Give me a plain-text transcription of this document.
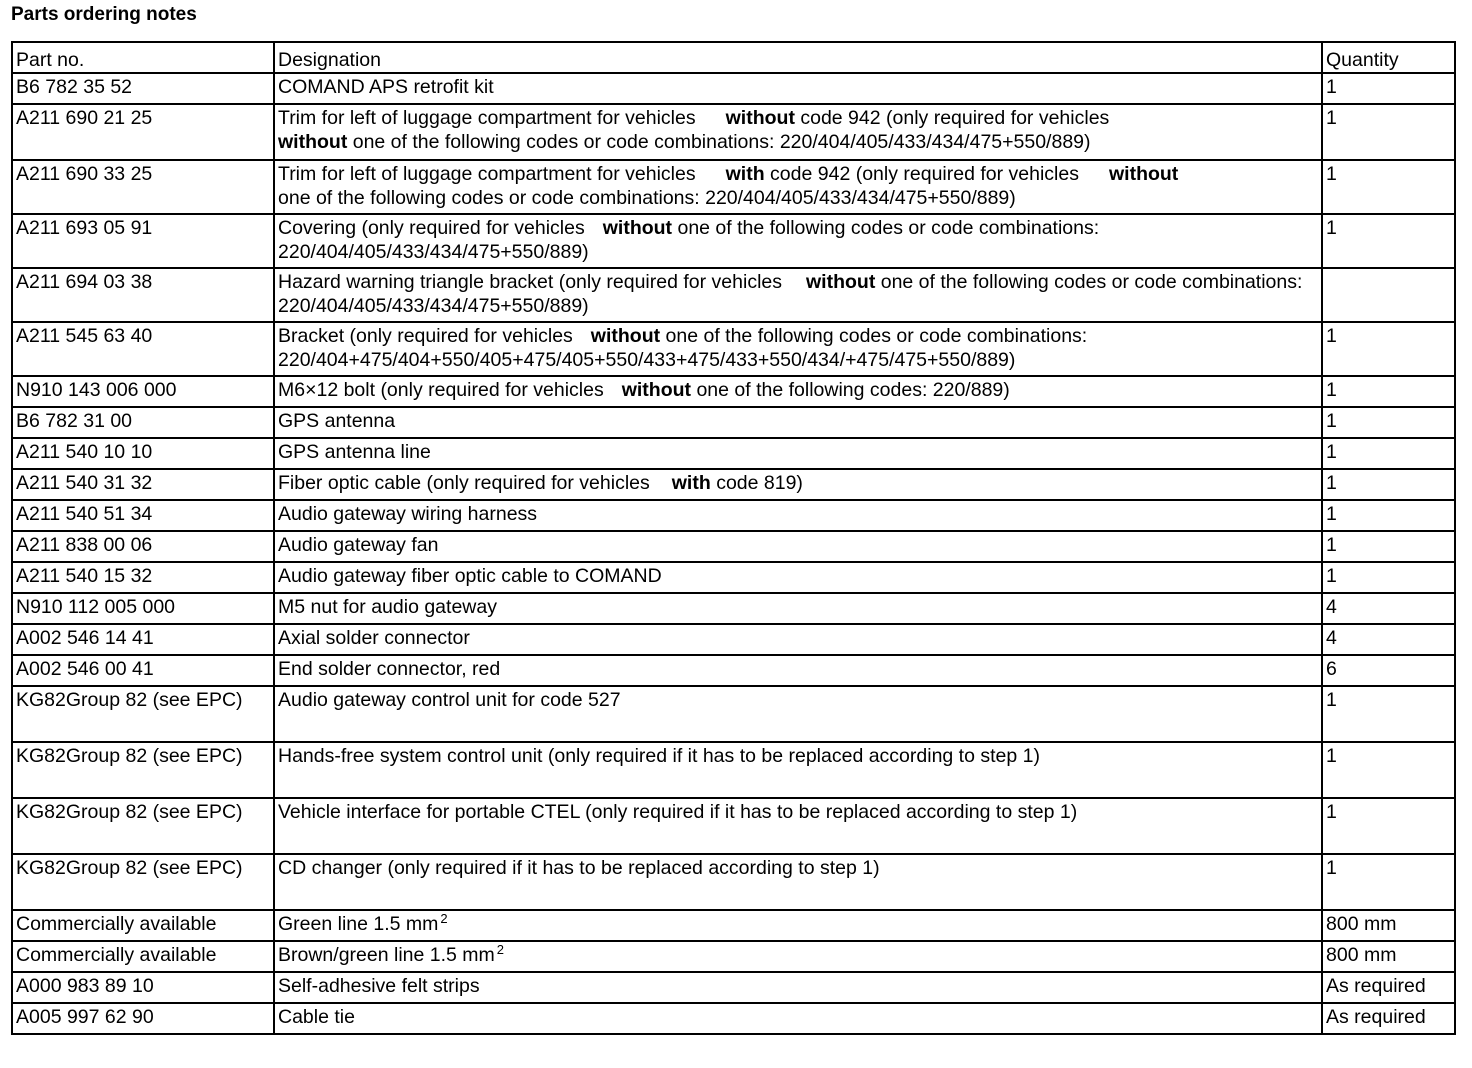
Parts ordering notes
Part no.	Designation	Quantity
B6 782 35 52	COMAND APS retrofit kit	1
A211 690 21 25	Trim for left of luggage compartment for vehicles without code 942 (only required for vehicles
without one of the following codes or code combinations: 220/404/405/433/434/475+550/889)	1
A211 690 33 25	Trim for left of luggage compartment for vehicles with code 942 (only required for vehicles without
one of the following codes or code combinations: 220/404/405/433/434/475+550/889)	1
A211 693 05 91	Covering (only required for vehicles without one of the following codes or code combinations: 220/404/405/433/434/475+550/889)	1
A211 694 03 38	Hazard warning triangle bracket (only required for vehicles without one of the following codes or code combinations: 220/404/405/433/434/475+550/889)	
A211 545 63 40	Bracket (only required for vehicles without one of the following codes or code combinations: 220/404+475/404+550/405+475/405+550/433+475/433+550/434/+475/475+550/889)	1
N910 143 006 000	M6×12 bolt (only required for vehicles without one of the following codes: 220/889)	1
B6 782 31 00	GPS antenna	1
A211 540 10 10	GPS antenna line	1
A211 540 31 32	Fiber optic cable (only required for vehicles with code 819)	1
A211 540 51 34	Audio gateway wiring harness	1
A211 838 00 06	Audio gateway fan	1
A211 540 15 32	Audio gateway fiber optic cable to COMAND	1
N910 112 005 000	M5 nut for audio gateway	4
A002 546 14 41	Axial solder connector	4
A002 546 00 41	End solder connector, red	6
KG82Group 82 (see EPC)	Audio gateway control unit for code 527	1
KG82Group 82 (see EPC)	Hands-free system control unit (only required if it has to be replaced according to step 1)	1
KG82Group 82 (see EPC)	Vehicle interface for portable CTEL (only required if it has to be replaced according to step 1)	1
KG82Group 82 (see EPC)	CD changer (only required if it has to be replaced according to step 1)	1
Commercially available	Green line 1.5 mm $^2$	800 mm
Commercially available	Brown/green line 1.5 mm $^2$	800 mm
A000 983 89 10	Self-adhesive felt strips	As required
A005 997 62 90	Cable tie	As required
